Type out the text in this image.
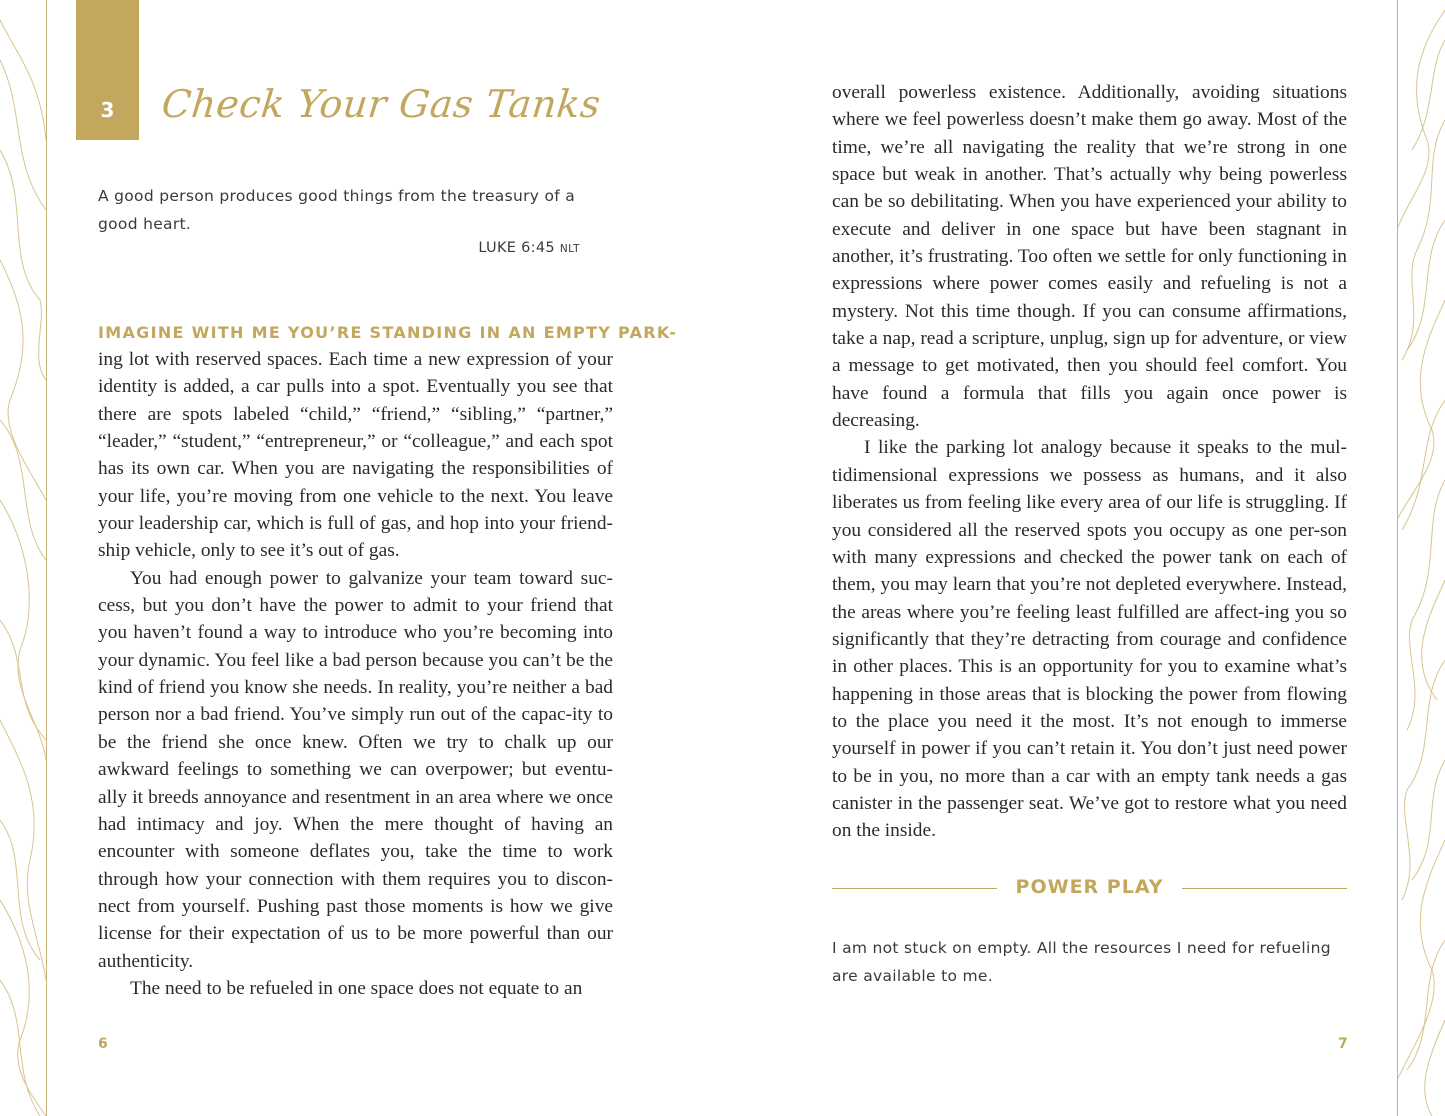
3	Check Your Gas Tanks
A good person produces good things from the treasury of a good heart.
LUKE 6:45 NLT
IMAGINE WITH ME YOU’RE STANDING IN AN EMPTY PARK-

ing lot with reserved spaces. Each time a new expression of your identity is added, a car pulls into a spot. Eventually you see that there are spots labeled “child,” “friend,” “sibling,” “partner,” “leader,” “student,” “entrepreneur,” or “colleague,” and each spot has its own car. When you are navigating the responsibilities of your life, you’re moving from one vehicle to the next. You leave your leadership car, which is full of gas, and hop into your friend-ship vehicle, only to see it’s out of gas.

You had enough power to galvanize your team toward suc-cess, but you don’t have the power to admit to your friend that you haven’t found a way to introduce who you’re becoming into your dynamic. You feel like a bad person because you can’t be the kind of friend you know she needs. In reality, you’re neither a bad person nor a bad friend. You’ve simply run out of the capac-ity to be the friend she once knew. Often we try to chalk up our awkward feelings to something we can overpower; but eventu-ally it breeds annoyance and resentment in an area where we once had intimacy and joy. When the mere thought of having an encounter with someone deflates you, take the time to work through how your connection with them requires you to discon-nect from yourself. Pushing past those moments is how we give license for their expectation of us to be more powerful than our authenticity.

The need to be refueled in one space does not equate to an

overall powerless existence. Additionally, avoiding situations where we feel powerless doesn’t make them go away. Most of the time, we’re all navigating the reality that we’re strong in one space but weak in another. That’s actually why being powerless can be so debilitating. When you have experienced your ability to execute and deliver in one space but have been stagnant in another, it’s frustrating. Too often we settle for only functioning in expressions where power comes easily and refueling is not a mystery. Not this time though. If you can consume affirmations, take a nap, read a scripture, unplug, sign up for adventure, or view a message to get motivated, then you should feel comfort. You have found a formula that fills you again once power is decreasing.

I like the parking lot analogy because it speaks to the mul-tidimensional expressions we possess as humans, and it also liberates us from feeling like every area of our life is struggling. If you considered all the reserved spots you occupy as one per-son with many expressions and checked the power tank on each of them, you may learn that you’re not depleted everywhere. Instead, the areas where you’re feeling least fulfilled are affect-ing you so significantly that they’re detracting from courage and confidence in other places. This is an opportunity for you to examine what’s happening in those areas that is blocking the power from flowing to the place you need it the most. It’s not enough to immerse yourself in power if you can’t retain it. You don’t just need power to be in you, no more than a car with an empty tank needs a gas canister in the passenger seat. We’ve got to restore what you need on the inside.

POWER PLAY
I am not stuck on empty. All the resources I need for refueling are available to me.
6	7
